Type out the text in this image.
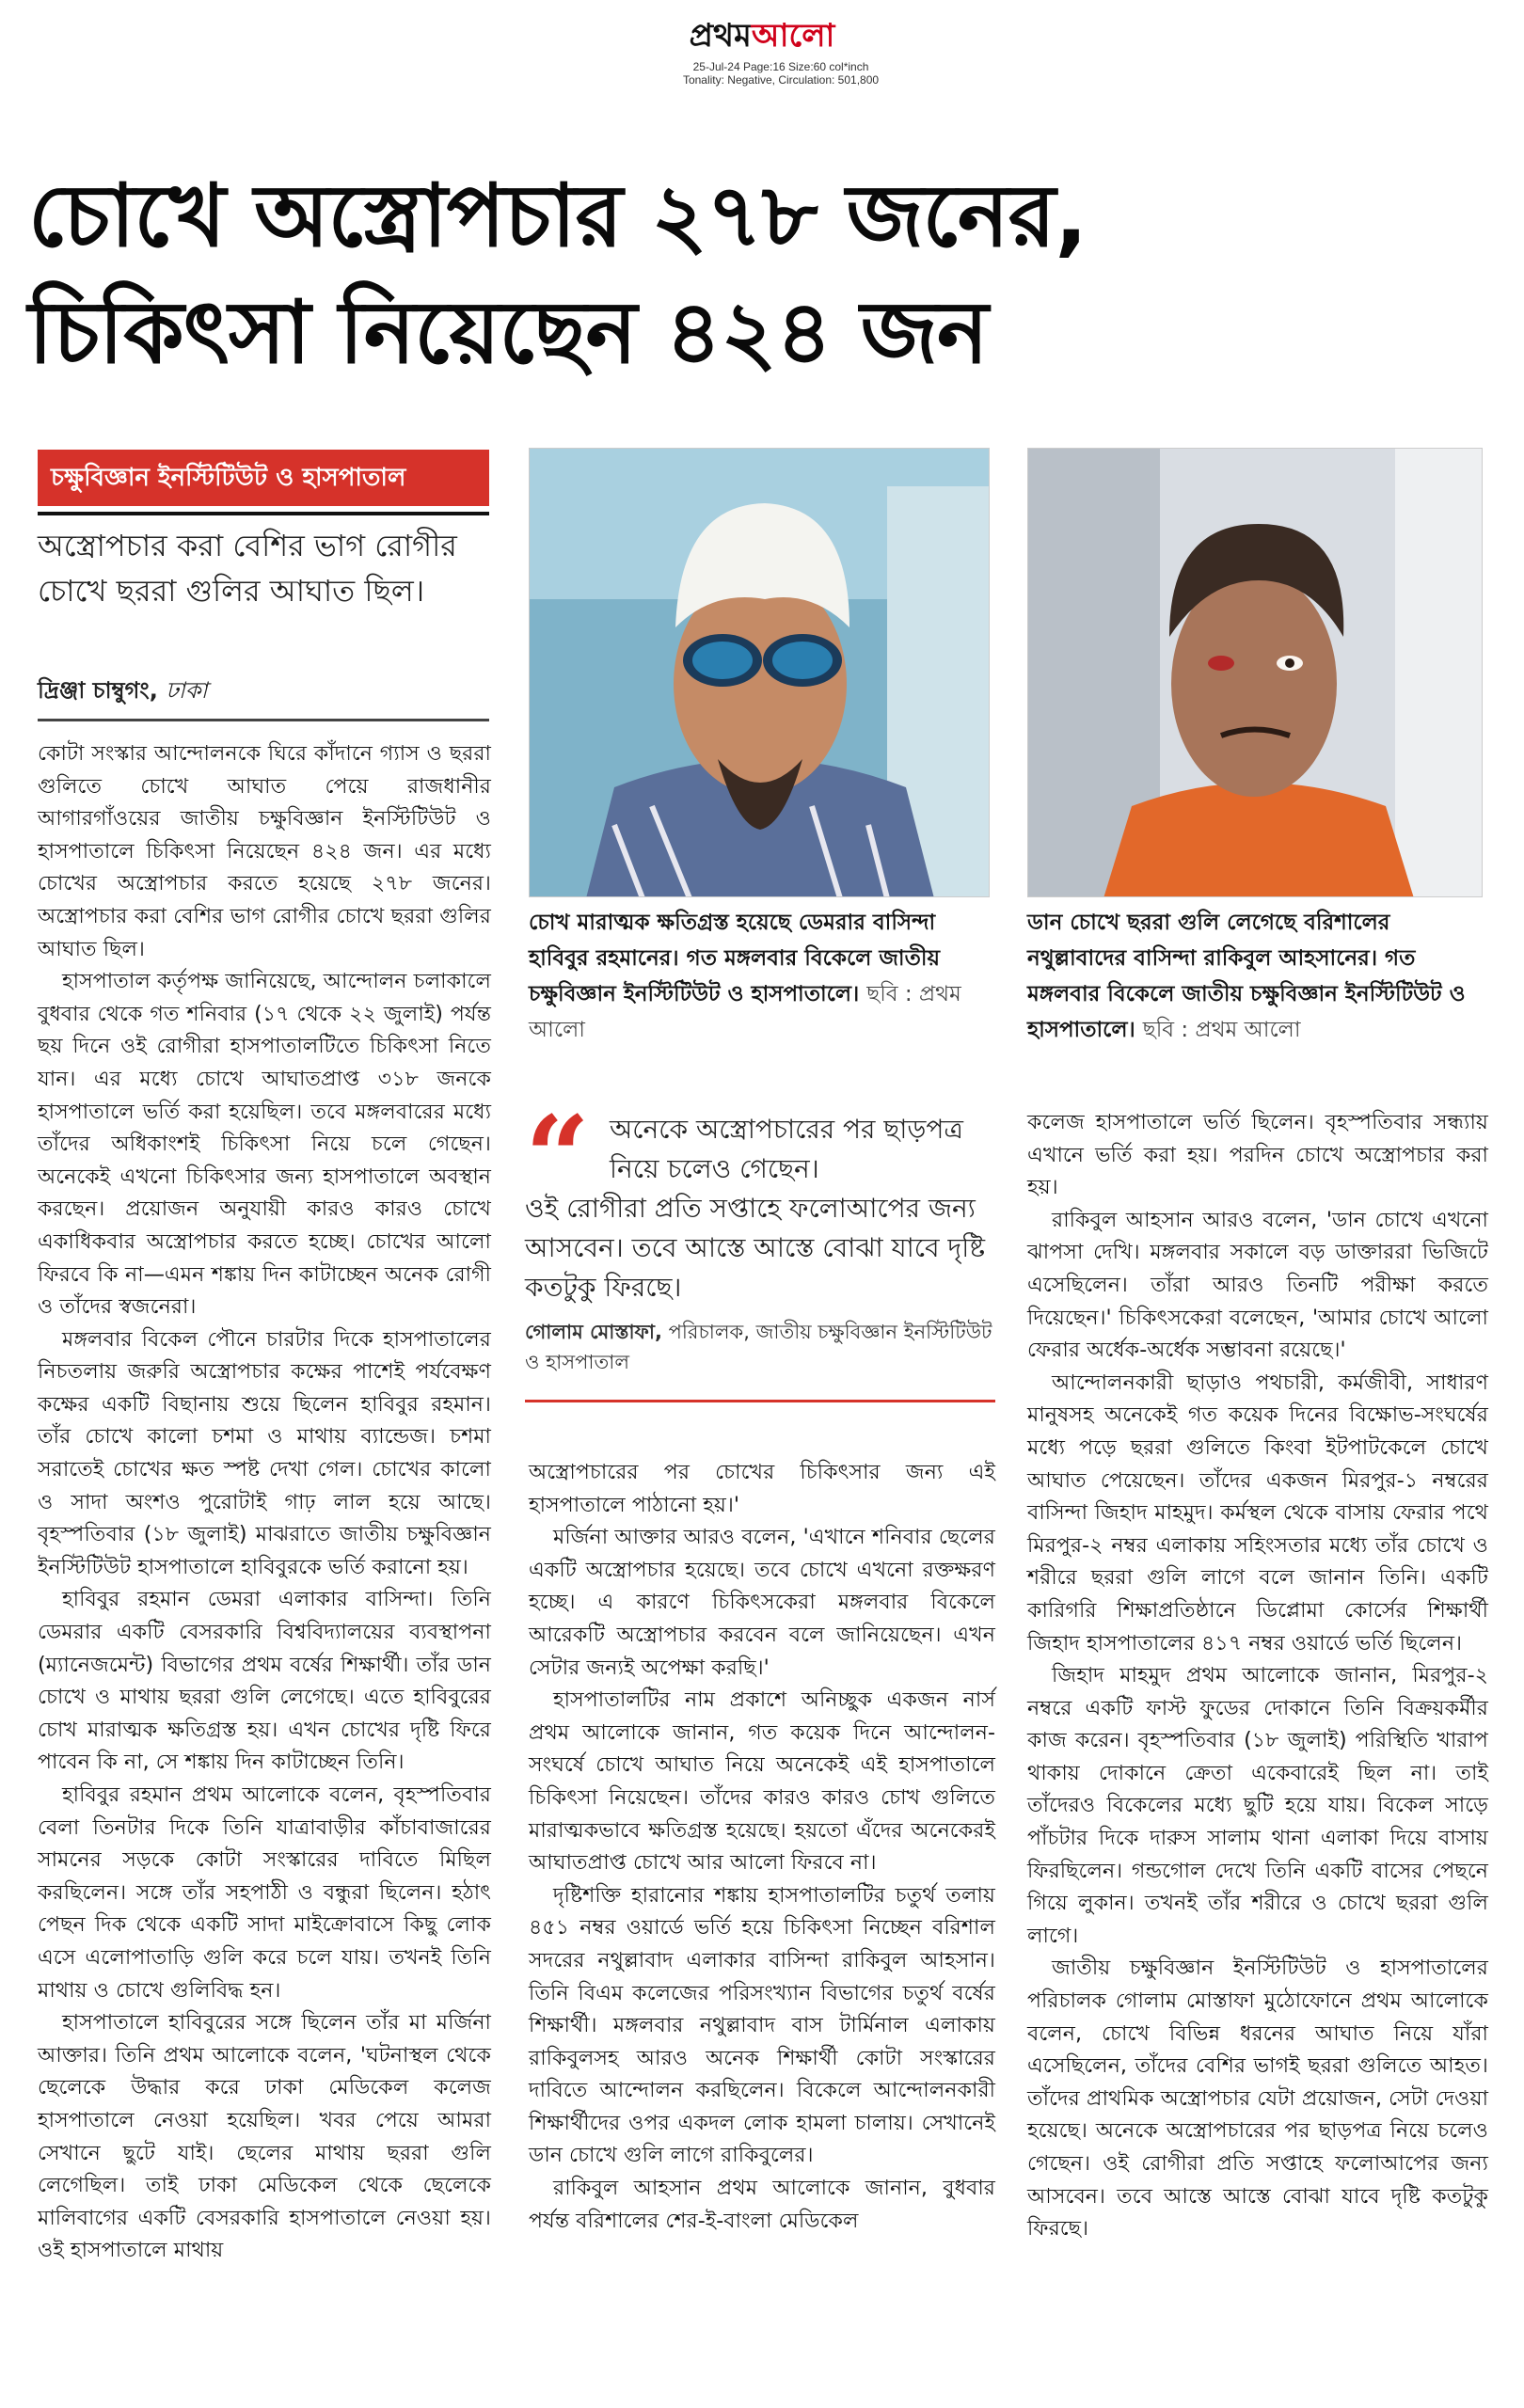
প্রথমআলো
25-Jul-24 Page:16 Size:60 col*inch
Tonality: Negative, Circulation: 501,800
চোখে অস্ত্রোপচার ২৭৮ জনের,
চিকিৎসা নিয়েছেন ৪২৪ জন
চক্ষুবিজ্ঞান ইনস্টিটিউট ও হাসপাতাল
অস্ত্রোপচার করা বেশির ভাগ রোগীর চোখে ছররা গুলির আঘাত ছিল।
দ্রিঞ্জা চাম্বুগং, ঢাকা

কোটা সংস্কার আন্দোলনকে ঘিরে কাঁদানে গ্যাস ও ছররা গুলিতে চোখে আঘাত পেয়ে রাজধানীর আগারগাঁওয়ের জাতীয় চক্ষুবিজ্ঞান ইনস্টিটিউট ও হাসপাতালে চিকিৎসা নিয়েছেন ৪২৪ জন। এর মধ্যে চোখের অস্ত্রোপচার করতে হয়েছে ২৭৮ জনের। অস্ত্রোপচার করা বেশির ভাগ রোগীর চোখে ছররা গুলির আঘাত ছিল।

হাসপাতাল কর্তৃপক্ষ জানিয়েছে, আন্দোলন চলাকালে বুধবার থেকে গত শনিবার (১৭ থেকে ২২ জুলাই) পর্যন্ত ছয় দিনে ওই রোগীরা হাসপাতালটিতে চিকিৎসা নিতে যান। এর মধ্যে চোখে আঘাতপ্রাপ্ত ৩১৮ জনকে হাসপাতালে ভর্তি করা হয়েছিল। তবে মঙ্গলবারের মধ্যে তাঁদের অধিকাংশই চিকিৎসা নিয়ে চলে গেছেন। অনেকেই এখনো চিকিৎসার জন্য হাসপাতালে অবস্থান করছেন। প্রয়োজন অনুযায়ী কারও কারও চোখে একাধিকবার অস্ত্রোপচার করতে হচ্ছে। চোখের আলো ফিরবে কি না—এমন শঙ্কায় দিন কাটাচ্ছেন অনেক রোগী ও তাঁদের স্বজনেরা।

মঙ্গলবার বিকেল পৌনে চারটার দিকে হাসপাতালের নিচতলায় জরুরি অস্ত্রোপচার কক্ষের পাশেই পর্যবেক্ষণ কক্ষের একটি বিছানায় শুয়ে ছিলেন হাবিবুর রহমান। তাঁর চোখে কালো চশমা ও মাথায় ব্যান্ডেজ। চশমা সরাতেই চোখের ক্ষত স্পষ্ট দেখা গেল। চোখের কালো ও সাদা অংশও পুরোটাই গাঢ় লাল হয়ে আছে। বৃহস্পতিবার (১৮ জুলাই) মাঝরাতে জাতীয় চক্ষুবিজ্ঞান ইনস্টিটিউট হাসপাতালে হাবিবুরকে ভর্তি করানো হয়।

হাবিবুর রহমান ডেমরা এলাকার বাসিন্দা। তিনি ডেমরার একটি বেসরকারি বিশ্ববিদ্যালয়ের ব্যবস্থাপনা (ম্যানেজমেন্ট) বিভাগের প্রথম বর্ষের শিক্ষার্থী। তাঁর ডান চোখে ও মাথায় ছররা গুলি লেগেছে। এতে হাবিবুরের চোখ মারাত্মক ক্ষতিগ্রস্ত হয়। এখন চোখের দৃষ্টি ফিরে পাবেন কি না, সে শঙ্কায় দিন কাটাচ্ছেন তিনি।

হাবিবুর রহমান প্রথম আলোকে বলেন, বৃহস্পতিবার বেলা তিনটার দিকে তিনি যাত্রাবাড়ীর কাঁচাবাজারের সামনের সড়কে কোটা সংস্কারের দাবিতে মিছিল করছিলেন। সঙ্গে তাঁর সহপাঠী ও বন্ধুরা ছিলেন। হঠাৎ পেছন দিক থেকে একটি সাদা মাইক্রোবাসে কিছু লোক এসে এলোপাতাড়ি গুলি করে চলে যায়। তখনই তিনি মাথায় ও চোখে গুলিবিদ্ধ হন।

হাসপাতালে হাবিবুরের সঙ্গে ছিলেন তাঁর মা মর্জিনা আক্তার। তিনি প্রথম আলোকে বলেন, 'ঘটনাস্থল থেকে ছেলেকে উদ্ধার করে ঢাকা মেডিকেল কলেজ হাসপাতালে নেওয়া হয়েছিল। খবর পেয়ে আমরা সেখানে ছুটে যাই। ছেলের মাথায় ছররা গুলি লেগেছিল। তাই ঢাকা মেডিকেল থেকে ছেলেকে মালিবাগের একটি বেসরকারি হাসপাতালে নেওয়া হয়। ওই হাসপাতালে মাথায়

চোখ মারাত্মক ক্ষতিগ্রস্ত হয়েছে ডেমরার বাসিন্দা হাবিবুর রহমানের। গত মঙ্গলবার বিকেলে জাতীয় চক্ষুবিজ্ঞান ইনস্টিটিউট ও হাসপাতালে। ছবি : প্রথম আলো
ডান চোখে ছররা গুলি লেগেছে বরিশালের নথুল্লাবাদের বাসিন্দা রাকিবুল আহসানের। গত মঙ্গলবার বিকেলে জাতীয় চক্ষুবিজ্ঞান ইনস্টিটিউট ও হাসপাতালে। ছবি : প্রথম আলো
“ অনেকে অস্ত্রোপচারের পর ছাড়পত্র নিয়ে চলেও গেছেন।
ওই রোগীরা প্রতি সপ্তাহে ফলোআপের জন্য আসবেন। তবে আস্তে আস্তে বোঝা যাবে দৃষ্টি কতটুকু ফিরছে।
গোলাম মোস্তাফা, পরিচালক, জাতীয় চক্ষুবিজ্ঞান ইনস্টিটিউট ও হাসপাতাল

অস্ত্রোপচারের পর চোখের চিকিৎসার জন্য এই হাসপাতালে পাঠানো হয়।'

মর্জিনা আক্তার আরও বলেন, 'এখানে শনিবার ছেলের একটি অস্ত্রোপচার হয়েছে। তবে চোখে এখনো রক্তক্ষরণ হচ্ছে। এ কারণে চিকিৎসকেরা মঙ্গলবার বিকেলে আরেকটি অস্ত্রোপচার করবেন বলে জানিয়েছেন। এখন সেটার জন্যই অপেক্ষা করছি।'

হাসপাতালটির নাম প্রকাশে অনিচ্ছুক একজন নার্স প্রথম আলোকে জানান, গত কয়েক দিনে আন্দোলন-সংঘর্ষে চোখে আঘাত নিয়ে অনেকেই এই হাসপাতালে চিকিৎসা নিয়েছেন। তাঁদের কারও কারও চোখ গুলিতে মারাত্মকভাবে ক্ষতিগ্রস্ত হয়েছে। হয়তো এঁদের অনেকেরই আঘাতপ্রাপ্ত চোখে আর আলো ফিরবে না।

দৃষ্টিশক্তি হারানোর শঙ্কায় হাসপাতালটির চতুর্থ তলায় ৪৫১ নম্বর ওয়ার্ডে ভর্তি হয়ে চিকিৎসা নিচ্ছেন বরিশাল সদরের নথুল্লাবাদ এলাকার বাসিন্দা রাকিবুল আহসান। তিনি বিএম কলেজের পরিসংখ্যান বিভাগের চতুর্থ বর্ষের শিক্ষার্থী। মঙ্গলবার নথুল্লাবাদ বাস টার্মিনাল এলাকায় রাকিবুলসহ আরও অনেক শিক্ষার্থী কোটা সংস্কারের দাবিতে আন্দোলন করছিলেন। বিকেলে আন্দোলনকারী শিক্ষার্থীদের ওপর একদল লোক হামলা চালায়। সেখানেই ডান চোখে গুলি লাগে রাকিবুলের।

রাকিবুল আহসান প্রথম আলোকে জানান, বুধবার পর্যন্ত বরিশালের শের-ই-বাংলা মেডিকেল

কলেজ হাসপাতালে ভর্তি ছিলেন। বৃহস্পতিবার সন্ধ্যায় এখানে ভর্তি করা হয়। পরদিন চোখে অস্ত্রোপচার করা হয়।

রাকিবুল আহসান আরও বলেন, 'ডান চোখে এখনো ঝাপসা দেখি। মঙ্গলবার সকালে বড় ডাক্তাররা ভিজিটে এসেছিলেন। তাঁরা আরও তিনটি পরীক্ষা করতে দিয়েছেন।' চিকিৎসকেরা বলেছেন, 'আমার চোখে আলো ফেরার অর্ধেক-অর্ধেক সম্ভাবনা রয়েছে।'

আন্দোলনকারী ছাড়াও পথচারী, কর্মজীবী, সাধারণ মানুষসহ অনেকেই গত কয়েক দিনের বিক্ষোভ-সংঘর্ষের মধ্যে পড়ে ছররা গুলিতে কিংবা ইটপাটকেলে চোখে আঘাত পেয়েছেন। তাঁদের একজন মিরপুর-১ নম্বরের বাসিন্দা জিহাদ মাহমুদ। কর্মস্থল থেকে বাসায় ফেরার পথে মিরপুর-২ নম্বর এলাকায় সহিংসতার মধ্যে তাঁর চোখে ও শরীরে ছররা গুলি লাগে বলে জানান তিনি। একটি কারিগরি শিক্ষাপ্রতিষ্ঠানে ডিপ্লোমা কোর্সের শিক্ষার্থী জিহাদ হাসপাতালের ৪১৭ নম্বর ওয়ার্ডে ভর্তি ছিলেন।

জিহাদ মাহমুদ প্রথম আলোকে জানান, মিরপুর-২ নম্বরে একটি ফাস্ট ফুডের দোকানে তিনি বিক্রয়কর্মীর কাজ করেন। বৃহস্পতিবার (১৮ জুলাই) পরিস্থিতি খারাপ থাকায় দোকানে ক্রেতা একেবারেই ছিল না। তাই তাঁদেরও বিকেলের মধ্যে ছুটি হয়ে যায়। বিকেল সাড়ে পাঁচটার দিকে দারুস সালাম থানা এলাকা দিয়ে বাসায় ফিরছিলেন। গন্ডগোল দেখে তিনি একটি বাসের পেছনে গিয়ে লুকান। তখনই তাঁর শরীরে ও চোখে ছররা গুলি লাগে।

জাতীয় চক্ষুবিজ্ঞান ইনস্টিটিউট ও হাসপাতালের পরিচালক গোলাম মোস্তাফা মুঠোফোনে প্রথম আলোকে বলেন, চোখে বিভিন্ন ধরনের আঘাত নিয়ে যাঁরা এসেছিলেন, তাঁদের বেশির ভাগই ছররা গুলিতে আহত। তাঁদের প্রাথমিক অস্ত্রোপচার যেটা প্রয়োজন, সেটা দেওয়া হয়েছে। অনেকে অস্ত্রোপচারের পর ছাড়পত্র নিয়ে চলেও গেছেন। ওই রোগীরা প্রতি সপ্তাহে ফলোআপের জন্য আসবেন। তবে আস্তে আস্তে বোঝা যাবে দৃষ্টি কতটুকু ফিরছে।
